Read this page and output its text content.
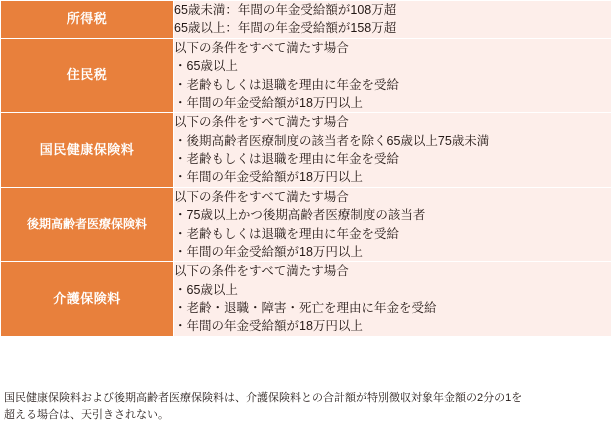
所得税	65歳未満：年間の年金受給額が108万超
65歳以上：年間の年金受給額が158万超

住民税	以下の条件をすべて満たす場合
・65歳以上
・老齢もしくは退職を理由に年金を受給
・年間の年金受給額が18万円以上

国民健康保険料	以下の条件をすべて満たす場合
・後期高齢者医療制度の該当者を除く65歳以上75歳未満
・老齢もしくは退職を理由に年金を受給
・年間の年金受給額が18万円以上

後期高齢者医療保険料	以下の条件をすべて満たす場合
・75歳以上かつ後期高齢者医療制度の該当者
・老齢もしくは退職を理由に年金を受給
・年間の年金受給額が18万円以上

介護保険料	以下の条件をすべて満たす場合
・65歳以上
・老齢・退職・障害・死亡を理由に年金を受給
・年間の年金受給額が18万円以上
国民健康保険料および後期高齢者医療保険料は、介護保険料との合計額が特別徴収対象年金額の2分の1を
超える場合は、天引きされない。
